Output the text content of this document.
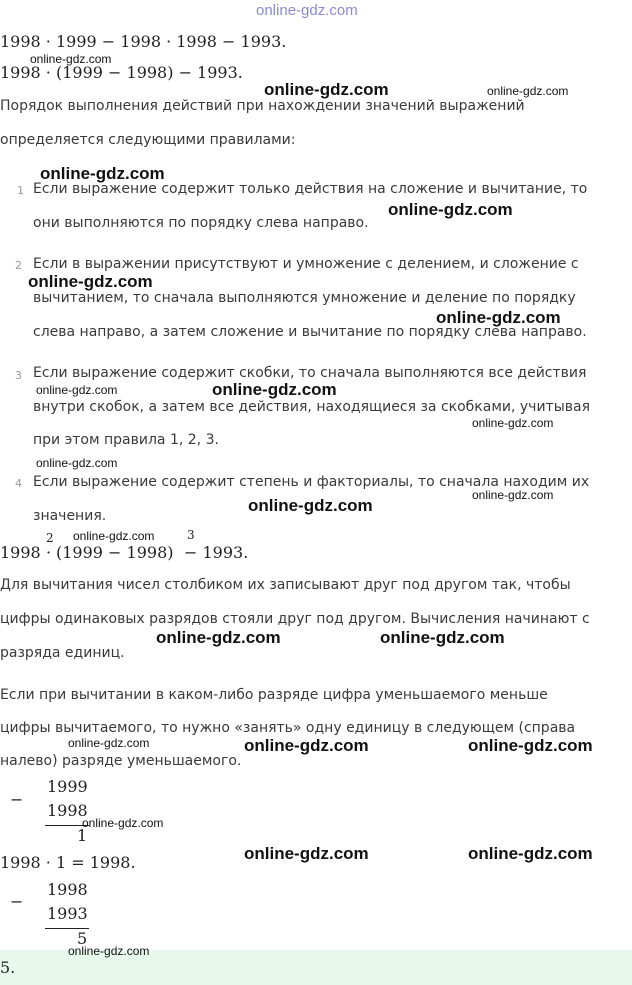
online-gdz.com
1998 · 1999 − 1998 · 1998 − 1993.
online-gdz.com
1998 · (1999 − 1998) − 1993.
online-gdz.com	online-gdz.com
Порядок выполнения действий при нахождении значений выражений
определяется следующими правилами:
online-gdz.com
1 Если выражение содержит только действия на сложение и вычитание, то
online-gdz.com
они выполняются по порядку слева направо.
2 Если в выражении присутствуют и умножение с делением, и сложение с
online-gdz.com
вычитанием, то сначала выполняются умножение и деление по порядку
online-gdz.com
слева направо, а затем сложение и вычитание по порядку слева направо.
3 Если выражение содержит скобки, то сначала выполняются все действия
online-gdz.com	online-gdz.com
внутри скобок, а затем все действия, находящиеся за скобками, учитывая
online-gdz.com
при этом правила 1, 2, 3.
online-gdz.com
4 Если выражение содержит степень и факториалы, то сначала находим их
online-gdz.com
online-gdz.com
значения.
online-gdz.com
1998
2
· (1999 − 1998)
3
− 1993.
Для вычитания чисел столбиком их записывают друг под другом так, чтобы
цифры одинаковых разрядов стояли друг под другом. Вычисления начинают с
online-gdz.com	online-gdz.com
разряда единиц.
Если при вычитании в каком-либо разряде цифра уменьшаемого меньше
цифры вычитаемого, то нужно «занять» одну единицу в следующем (справа
online-gdz.com	online-gdz.com	online-gdz.com
налево) разряде уменьшаемого.
−
1999
1998
1
online-gdz.com
1998 · 1 = 1998.	online-gdz.com	online-gdz.com
−
1998
1993
5
online-gdz.com
5.
